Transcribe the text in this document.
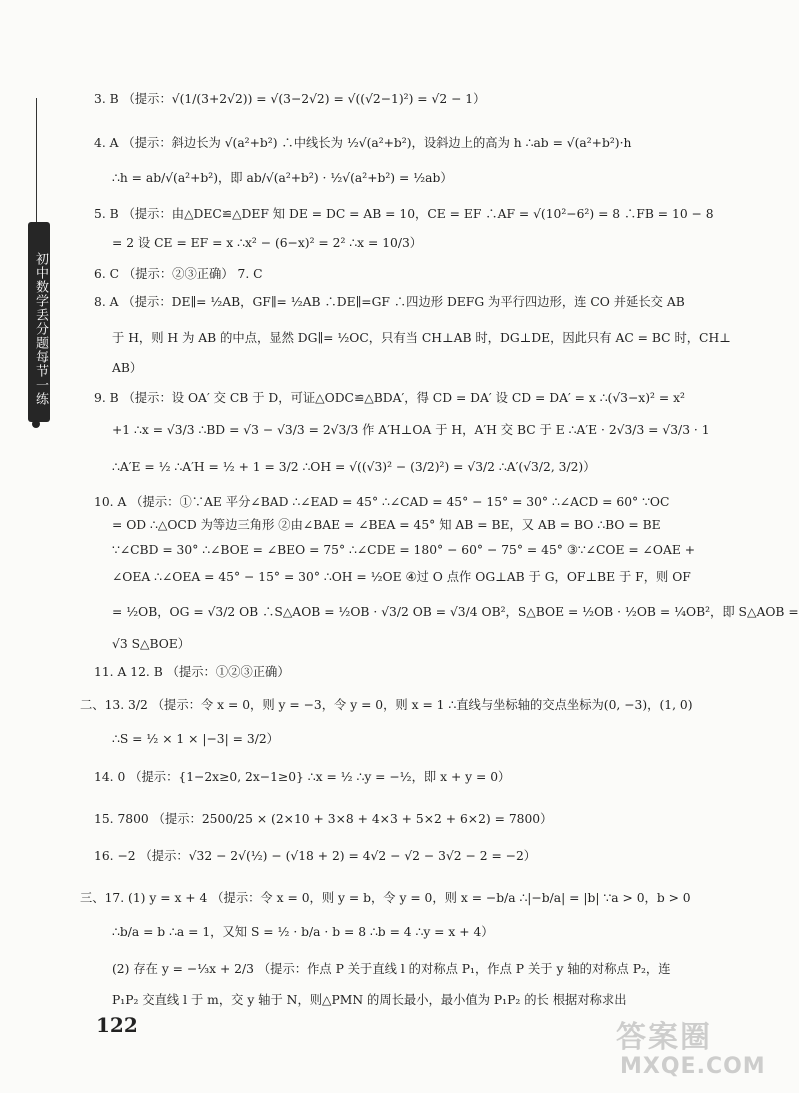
初中数学丢分题每节一练
3. B （提示：√(1/(3+2√2)) = √(3−2√2) = √((√2−1)²) = √2 − 1）
4. A （提示：斜边长为 √(a²+b²) ∴中线长为 ½√(a²+b²)，设斜边上的高为 h ∴ab = √(a²+b²)·h
∴h = ab/√(a²+b²)，即 ab/√(a²+b²) · ½√(a²+b²) = ½ab）
5. B （提示：由△DEC≌△DEF 知 DE = DC = AB = 10，CE = EF ∴AF = √(10²−6²) = 8 ∴FB = 10 − 8
= 2 设 CE = EF = x ∴x² − (6−x)² = 2² ∴x = 10/3）
6. C （提示：②③正确） 7. C
8. A （提示：DE∥= ½AB，GF∥= ½AB ∴DE∥=GF ∴四边形 DEFG 为平行四边形，连 CO 并延长交 AB
于 H，则 H 为 AB 的中点，显然 DG∥= ½OC，只有当 CH⊥AB 时，DG⊥DE，因此只有 AC = BC 时，CH⊥
AB）
9. B （提示：设 OA′ 交 CB 于 D，可证△ODC≌△BDA′，得 CD = DA′ 设 CD = DA′ = x ∴(√3−x)² = x²
+1 ∴x = √3/3 ∴BD = √3 − √3/3 = 2√3/3 作 A′H⊥OA 于 H，A′H 交 BC 于 E ∴A′E · 2√3/3 = √3/3 · 1
∴A′E = ½ ∴A′H = ½ + 1 = 3/2 ∴OH = √((√3)² − (3/2)²) = √3/2 ∴A′(√3/2, 3/2)）
10. A （提示：①∵AE 平分∠BAD ∴∠EAD = 45° ∴∠CAD = 45° − 15° = 30° ∴∠ACD = 60° ∵OC
= OD ∴△OCD 为等边三角形 ②由∠BAE = ∠BEA = 45° 知 AB = BE，又 AB = BO ∴BO = BE
∵∠CBD = 30° ∴∠BOE = ∠BEO = 75° ∴∠CDE = 180° − 60° − 75° = 45° ③∵∠COE = ∠OAE +
∠OEA ∴∠OEA = 45° − 15° = 30° ∴OH = ½OE ④过 O 点作 OG⊥AB 于 G，OF⊥BE 于 F，则 OF
= ½OB，OG = √3/2 OB ∴S△AOB = ½OB · √3/2 OB = √3/4 OB²，S△BOE = ½OB · ½OB = ¼OB²，即 S△AOB =
√3 S△BOE）
11. A 12. B （提示：①②③正确）
二、13. 3/2 （提示：令 x = 0，则 y = −3，令 y = 0，则 x = 1 ∴直线与坐标轴的交点坐标为(0, −3)，(1, 0)
∴S = ½ × 1 × |−3| = 3/2）
14. 0 （提示：{1−2x≥0, 2x−1≥0} ∴x = ½ ∴y = −½，即 x + y = 0）
15. 7800 （提示：2500/25 × (2×10 + 3×8 + 4×3 + 5×2 + 6×2) = 7800）
16. −2 （提示：√32 − 2√(½) − (√18 + 2) = 4√2 − √2 − 3√2 − 2 = −2）
三、17. (1) y = x + 4 （提示：令 x = 0，则 y = b，令 y = 0，则 x = −b/a ∴|−b/a| = |b| ∵a > 0，b > 0
∴b/a = b ∴a = 1，又知 S = ½ · b/a · b = 8 ∴b = 4 ∴y = x + 4）
(2) 存在 y = −⅓x + 2/3 （提示：作点 P 关于直线 l 的对称点 P₁，作点 P 关于 y 轴的对称点 P₂，连
P₁P₂ 交直线 l 于 m，交 y 轴于 N，则△PMN 的周长最小，最小值为 P₁P₂ 的长 根据对称求出
122	答案圈
MXQE.COM
